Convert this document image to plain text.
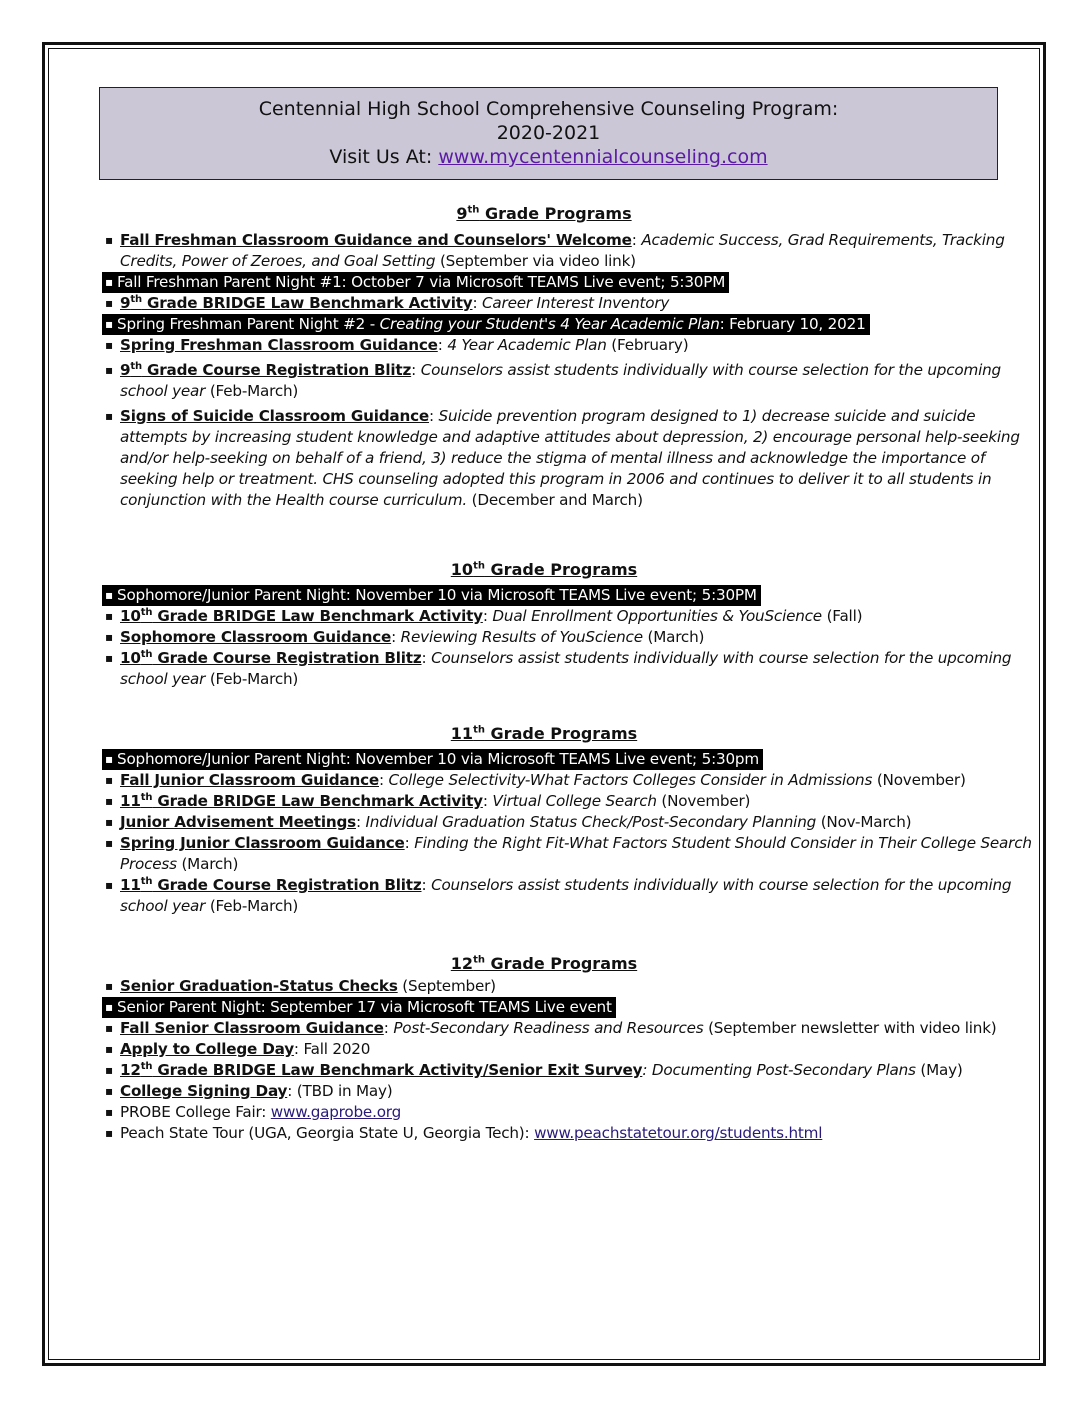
Centennial High School Comprehensive Counseling Program:
2020-2021
Visit Us At: www.mycentennialcounseling.com
9th Grade Programs
▪ Fall Freshman Classroom Guidance and Counselors' Welcome: Academic Success, Grad Requirements, Tracking Credits, Power of Zeroes, and Goal Setting (September via video link)
▪ Fall Freshman Parent Night #1: October 7 via Microsoft TEAMS Live event; 5:30PM
▪ 9th Grade BRIDGE Law Benchmark Activity: Career Interest Inventory
▪ Spring Freshman Parent Night #2 - Creating your Student's 4 Year Academic Plan: February 10, 2021
▪ Spring Freshman Classroom Guidance: 4 Year Academic Plan (February)
▪ 9th Grade Course Registration Blitz: Counselors assist students individually with course selection for the upcoming school year (Feb-March)
▪ Signs of Suicide Classroom Guidance: Suicide prevention program designed to 1) decrease suicide and suicide attempts by increasing student knowledge and adaptive attitudes about depression, 2) encourage personal help-seeking and/or help-seeking on behalf of a friend, 3) reduce the stigma of mental illness and acknowledge the importance of seeking help or treatment. CHS counseling adopted this program in 2006 and continues to deliver it to all students in conjunction with the Health course curriculum. (December and March)
10th Grade Programs
▪ Sophomore/Junior Parent Night: November 10 via Microsoft TEAMS Live event; 5:30PM
▪ 10th Grade BRIDGE Law Benchmark Activity: Dual Enrollment Opportunities & YouScience (Fall)
▪ Sophomore Classroom Guidance: Reviewing Results of YouScience (March)
▪ 10th Grade Course Registration Blitz: Counselors assist students individually with course selection for the upcoming school year (Feb-March)
11th Grade Programs
▪ Sophomore/Junior Parent Night: November 10 via Microsoft TEAMS Live event; 5:30pm
▪ Fall Junior Classroom Guidance: College Selectivity-What Factors Colleges Consider in Admissions (November)
▪ 11th Grade BRIDGE Law Benchmark Activity: Virtual College Search (November)
▪ Junior Advisement Meetings: Individual Graduation Status Check/Post-Secondary Planning (Nov-March)
▪ Spring Junior Classroom Guidance: Finding the Right Fit-What Factors Student Should Consider in Their College Search Process (March)
▪ 11th Grade Course Registration Blitz: Counselors assist students individually with course selection for the upcoming school year (Feb-March)
12th Grade Programs
▪ Senior Graduation-Status Checks (September)
▪ Senior Parent Night: September 17 via Microsoft TEAMS Live event
▪ Fall Senior Classroom Guidance: Post-Secondary Readiness and Resources (September newsletter with video link)
▪ Apply to College Day: Fall 2020
▪ 12th Grade BRIDGE Law Benchmark Activity/Senior Exit Survey: Documenting Post-Secondary Plans (May)
▪ College Signing Day: (TBD in May)
▪ PROBE College Fair: www.gaprobe.org
▪ Peach State Tour (UGA, Georgia State U, Georgia Tech): www.peachstatetour.org/students.html
